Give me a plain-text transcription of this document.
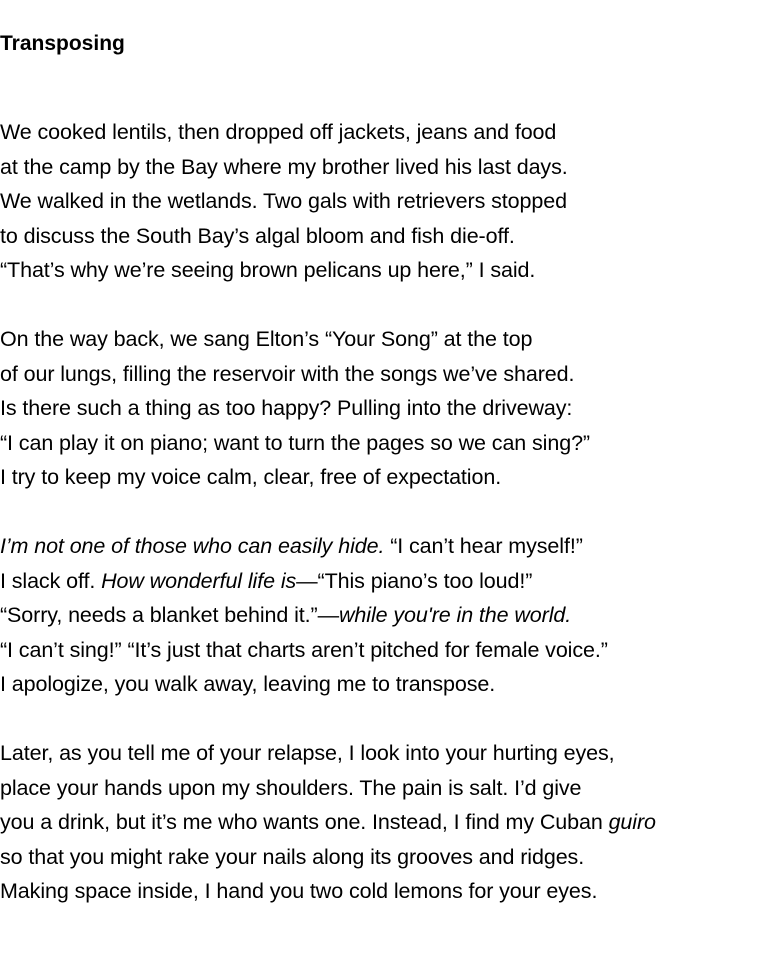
Transposing
We cooked lentils, then dropped off jackets, jeans and food
at the camp by the Bay where my brother lived his last days.
We walked in the wetlands. Two gals with retrievers stopped
to discuss the South Bay’s algal bloom and fish die-off.
“That’s why we’re seeing brown pelicans up here,” I said.
On the way back, we sang Elton’s “Your Song” at the top
of our lungs, filling the reservoir with the songs we’ve shared.
Is there such a thing as too happy? Pulling into the driveway:
“I can play it on piano; want to turn the pages so we can sing?”
I try to keep my voice calm, clear, free of expectation.
I’m not one of those who can easily hide. “I can’t hear myself!”
I slack off. How wonderful life is—“This piano’s too loud!”
“Sorry, needs a blanket behind it.”—while you're in the world.
“I can’t sing!” “It’s just that charts aren’t pitched for female voice.”
I apologize, you walk away, leaving me to transpose.
Later, as you tell me of your relapse, I look into your hurting eyes,
place your hands upon my shoulders. The pain is salt. I’d give
you a drink, but it’s me who wants one. Instead, I find my Cuban guiro
so that you might rake your nails along its grooves and ridges.
Making space inside, I hand you two cold lemons for your eyes.
